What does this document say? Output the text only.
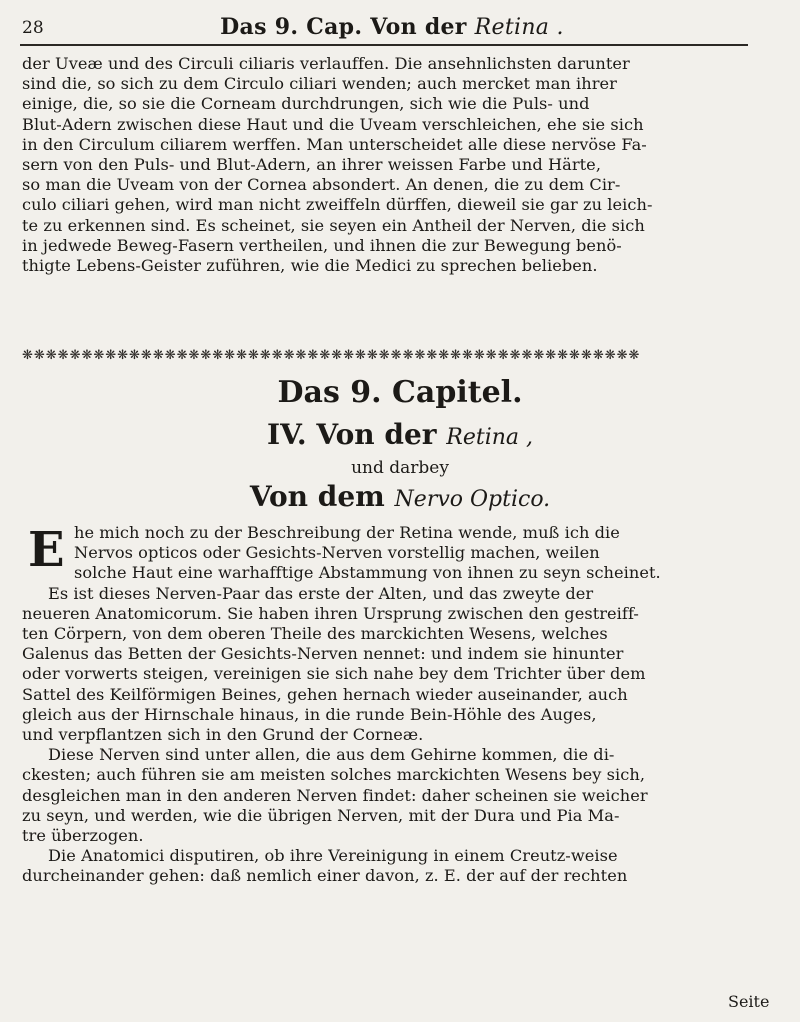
28	Das 9. Cap. Von der Retina .
der Uveæ und des Circuli ciliaris verlauffen. Die ansehnlichsten darunter
sind die, so sich zu dem Circulo ciliari wenden; auch mercket man ihrer
einige, die, so sie die Corneam durchdrungen, sich wie die Puls- und
Blut-Adern zwischen diese Haut und die Uveam verschleichen, ehe sie sich
in den Circulum ciliarem werffen. Man unterscheidet alle diese nervöse Fa-
sern von den Puls- und Blut-Adern, an ihrer weissen Farbe und Härte,
so man die Uveam von der Cornea absondert. An denen, die zu dem Cir-
culo ciliari gehen, wird man nicht zweiffeln dürffen, dieweil sie gar zu leich-
te zu erkennen sind. Es scheinet, sie seyen ein Antheil der Nerven, die sich
in jedwede Beweg-Fasern vertheilen, und ihnen die zur Bewegung benö-
thigte Lebens-Geister zuführen, wie die Medici zu sprechen belieben.
❋❋❋❋❋❋❋❋❋❋❋❋❋❋❋❋❋❋❋❋❋❋❋❋❋❋❋❋❋❋❋❋❋❋❋❋❋❋❋❋❋❋❋❋❋❋❋❋❋❋❋❋
Das 9. Capitel.
IV. Von der Retina ,
und darbey
Von dem Nervo Optico.
E he mich noch zu der Beschreibung der Retina wende, muß ich die
Nervos opticos oder Gesichts-Nerven vorstellig machen, weilen
solche Haut eine warhafftige Abstammung von ihnen zu seyn scheinet.
Es ist dieses Nerven-Paar das erste der Alten, und das zweyte der
neueren Anatomicorum. Sie haben ihren Ursprung zwischen den gestreiff-
ten Cörpern, von dem oberen Theile des marckichten Wesens, welches
Galenus das Betten der Gesichts-Nerven nennet: und indem sie hinunter
oder vorwerts steigen, vereinigen sie sich nahe bey dem Trichter über dem
Sattel des Keilförmigen Beines, gehen hernach wieder auseinander, auch
gleich aus der Hirnschale hinaus, in die runde Bein-Höhle des Auges,
und verpflantzen sich in den Grund der Corneæ.
Diese Nerven sind unter allen, die aus dem Gehirne kommen, die di-
ckesten; auch führen sie am meisten solches marckichten Wesens bey sich,
desgleichen man in den anderen Nerven findet: daher scheinen sie weicher
zu seyn, und werden, wie die übrigen Nerven, mit der Dura und Pia Ma-
tre überzogen.
Die Anatomici disputiren, ob ihre Vereinigung in einem Creutz-weise
durcheinander gehen: daß nemlich einer davon, z. E. der auf der rechten
Seite
